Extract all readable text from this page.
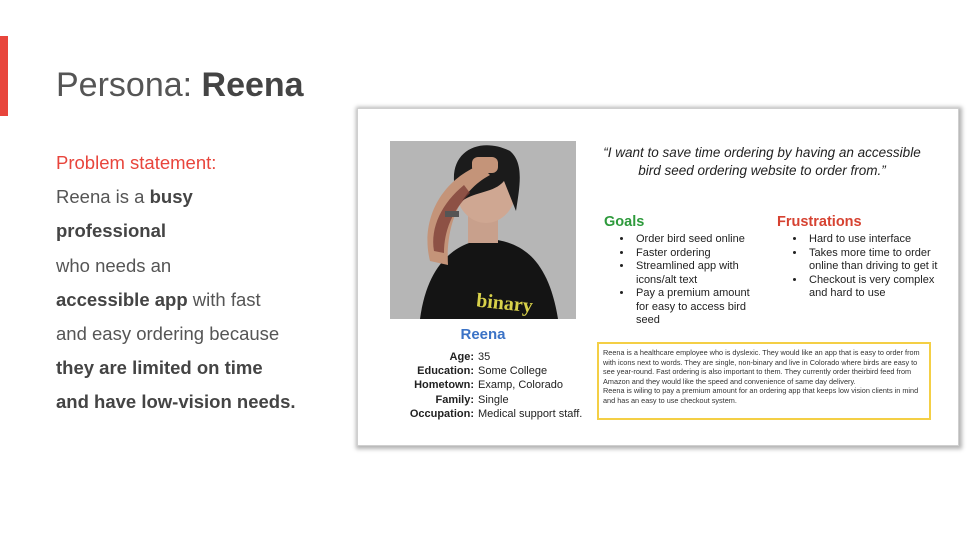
Persona: Reena
Problem statement:
Reena is a busy professional
who needs an
accessible app with fast and easy ordering because they are limited on time and have low-vision needs.
binary
Reena
Age: 35
Education: Some College
Hometown: Examp, Colorado
Family: Single
Occupation: Medical support staff.
“I want to save time ordering by having an accessible bird seed ordering website to order from.”
Goals
• Order bird seed online
• Faster ordering
• Streamlined app with icons/alt text
• Pay a premium amount for easy to access bird seed
Frustrations
• Hard to use interface
• Takes more time to order online than driving to get it
• Checkout is very complex and hard to use
Reena is a healthcare employee who is dyslexic. They would like an app that is easy to order from with icons next to words. They are single, non-binary and live in Colorado where birds are easy to see year-round. Fast ordering is also important to them. They currently order theirbird feed from Amazon and they would like the speed and convenience of same day delivery.
Reena is wiling to pay a premium amount for an ordering app that keeps low vision clients in mind and has an easy to use checkout system.
